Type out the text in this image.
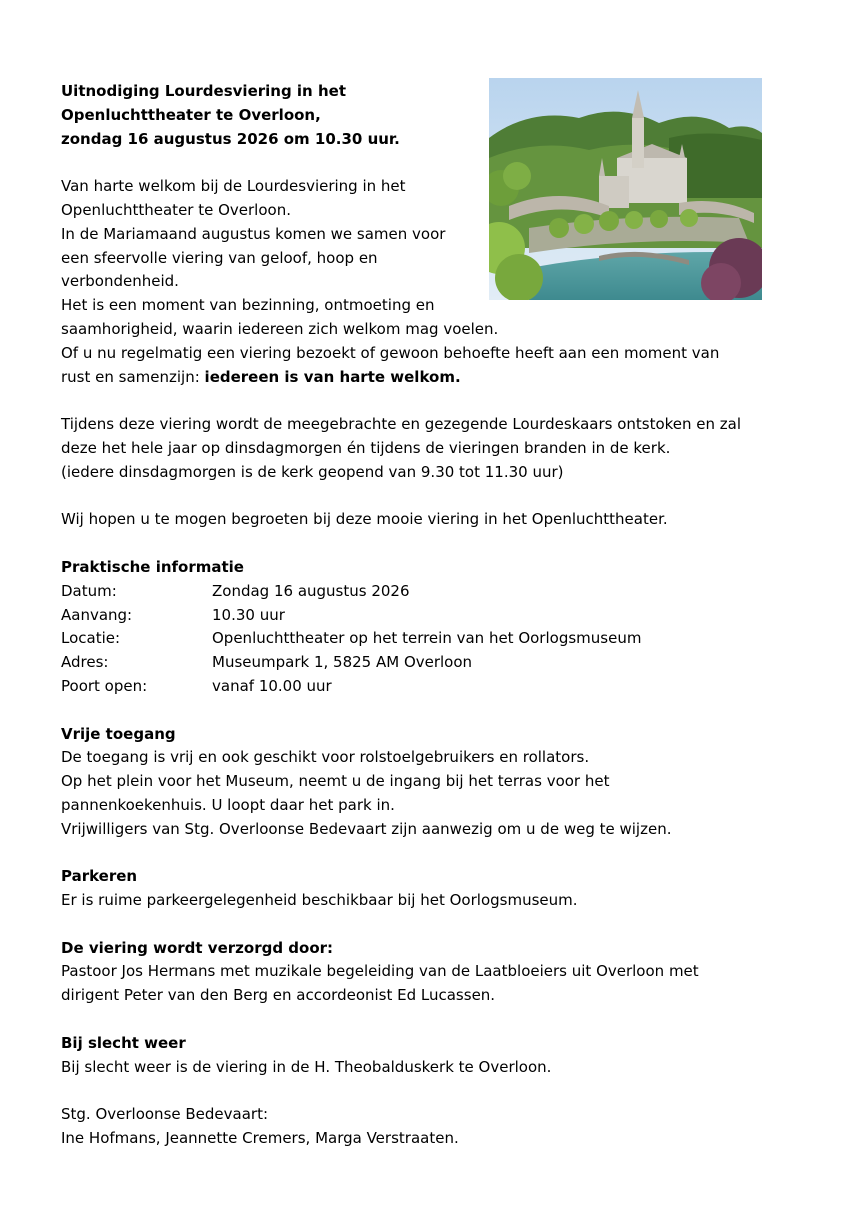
Uitnodiging Lourdesviering in het
Openluchttheater te Overloon,
zondag 16 augustus 2026 om 10.30 uur.
Van harte welkom bij de Lourdesviering in het
Openluchttheater te Overloon.
In de Mariamaand augustus komen we samen voor
een sfeervolle viering van geloof, hoop en
verbondenheid.
Het is een moment van bezinning, ontmoeting en
saamhorigheid, waarin iedereen zich welkom mag voelen.
Of u nu regelmatig een viering bezoekt of gewoon behoefte heeft aan een moment van
rust en samenzijn: iedereen is van harte welkom.
Tijdens deze viering wordt de meegebrachte en gezegende Lourdeskaars ontstoken en zal
deze het hele jaar op dinsdagmorgen én tijdens de vieringen branden in de kerk.
(iedere dinsdagmorgen is de kerk geopend van 9.30 tot 11.30 uur)
Wij hopen u te mogen begroeten bij deze mooie viering in het Openluchttheater.
Praktische informatie
Datum:	Zondag 16 augustus 2026
Aanvang:	10.30 uur
Locatie:	Openluchttheater op het terrein van het Oorlogsmuseum
Adres:	Museumpark 1, 5825 AM Overloon
Poort open:	vanaf 10.00 uur
Vrije toegang
De toegang is vrij en ook geschikt voor rolstoelgebruikers en rollators.
Op het plein voor het Museum, neemt u de ingang bij het terras voor het
pannenkoekenhuis. U loopt daar het park in.
Vrijwilligers van Stg. Overloonse Bedevaart zijn aanwezig om u de weg te wijzen.
Parkeren
Er is ruime parkeergelegenheid beschikbaar bij het Oorlogsmuseum.
De viering wordt verzorgd door:
Pastoor Jos Hermans met muzikale begeleiding van de Laatbloeiers uit Overloon met
dirigent Peter van den Berg en accordeonist Ed Lucassen.
Bij slecht weer
Bij slecht weer is de viering in de H. Theobalduskerk te Overloon.
Stg. Overloonse Bedevaart:
Ine Hofmans, Jeannette Cremers, Marga Verstraaten.
